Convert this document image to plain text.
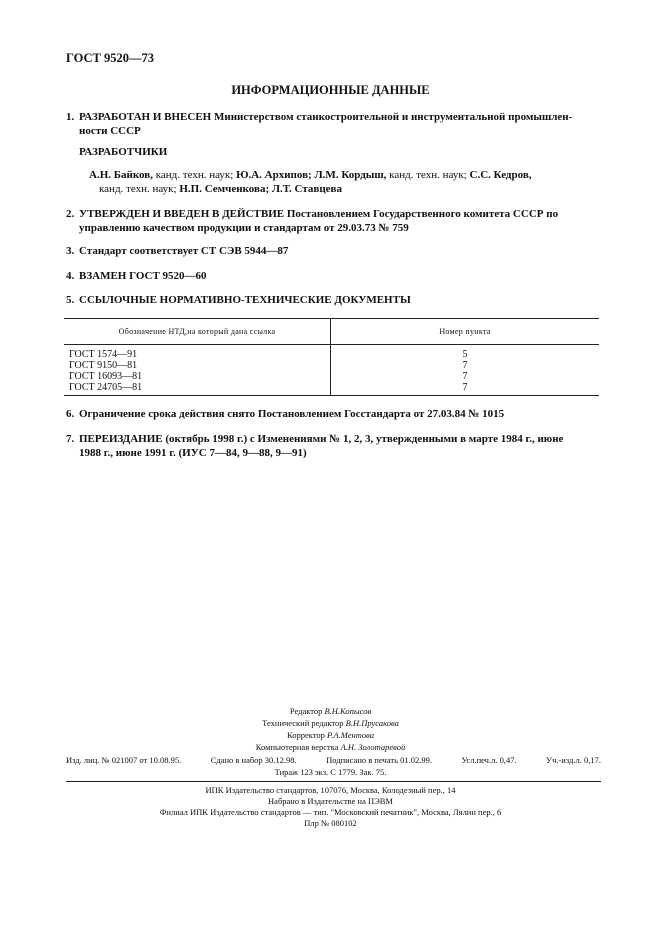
ГОСТ 9520—73
ИНФОРМАЦИОННЫЕ ДАННЫЕ
1. РАЗРАБОТАН И ВНЕСЕН Министерством станкостроительной и инструментальной промышлен-
ности СССР
РАЗРАБОТЧИКИ
А.Н. Байков, канд. техн. наук; Ю.А. Архипов; Л.М. Кордыш, канд. техн. наук; С.С. Кедров,
канд. техн. наук; Н.П. Семченкова; Л.Т. Ставцева
2. УТВЕРЖДЕН И ВВЕДЕН В ДЕЙСТВИЕ Постановлением Государственного комитета СССР по
управлению качеством продукции и стандартам от 29.03.73 № 759
3. Стандарт соответствует СТ СЭВ 5944—87
4. ВЗАМЕН ГОСТ 9520—60
5. ССЫЛОЧНЫЕ НОРМАТИВНО-ТЕХНИЧЕСКИЕ ДОКУМЕНТЫ
Обозначение НТД,на который дана ссылка	Номер пункта
ГОСТ 1574—91	5
ГОСТ 9150—81	7
ГОСТ 16093—81	7
ГОСТ 24705—81	7
6. Ограничение срока действия снято Постановлением Госстандарта от 27.03.84 № 1015
7. ПЕРЕИЗДАНИЕ (октябрь 1998 г.) с Изменениями № 1, 2, 3, утвержденными в марте 1984 г., июне
1988 г., июне 1991 г. (ИУС 7—84, 9—88, 9—91)
Редактор В.Н.Копысов
Технический редактор В.Н.Прусакова
Корректор Р.А.Ментова
Компьютерная верстка А.Н. Золотаревой
Изд. лиц. № 021007 от 10.08.95.	Сдано в набор 30.12.98.	Подписано в печать 01.02.99.	Усл.печ.л. 0,47.	Уч.-изд.л. 0,17.
Тираж 123 экз. С 1779. Зак. 75.
ИПК Издательство стандартов, 107076, Москва, Колодезный пер., 14
Набрано в Издательстве на ПЭВМ
Филиал ИПК Издательство стандартов — тип. "Московский печатник", Москва, Лялин пер., 6
Плр № 080102
